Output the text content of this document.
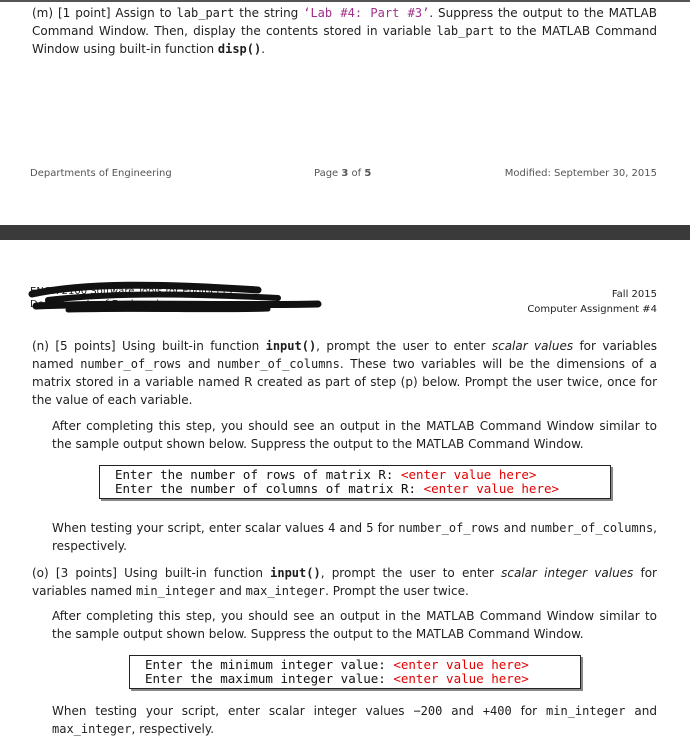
(m) [1 point] Assign to lab_part the string ‘Lab #4: Part #3’. Suppress the output to the MATLAB Command Window. Then, display the contents stored in variable lab_part to the MATLAB Command Window using built-in function disp().
Departments of Engineering	Page 3 of 5	Modified: September 30, 2015
ENGR 2100 Software Tools for Engineers
Departments of Engineering
Fall 2015
Computer Assignment #4
(n) [5 points] Using built-in function input(), prompt the user to enter scalar values for variables named number_of_rows and number_of_columns. These two variables will be the dimensions of a matrix stored in a variable named R created as part of step (p) below. Prompt the user twice, once for the value of each variable.
After completing this step, you should see an output in the MATLAB Command Window similar to the sample output shown below. Suppress the output to the MATLAB Command Window.
Enter the number of rows of matrix R: <enter value here>
Enter the number of columns of matrix R: <enter value here>
When testing your script, enter scalar values 4 and 5 for number_of_rows and number_of_columns, respectively.
(o) [3 points] Using built-in function input(), prompt the user to enter scalar integer values for variables named min_integer and max_integer. Prompt the user twice.
After completing this step, you should see an output in the MATLAB Command Window similar to the sample output shown below. Suppress the output to the MATLAB Command Window.
Enter the minimum integer value: <enter value here>
Enter the maximum integer value: <enter value here>
When testing your script, enter scalar integer values −200 and +400 for min_integer and max_integer, respectively.
